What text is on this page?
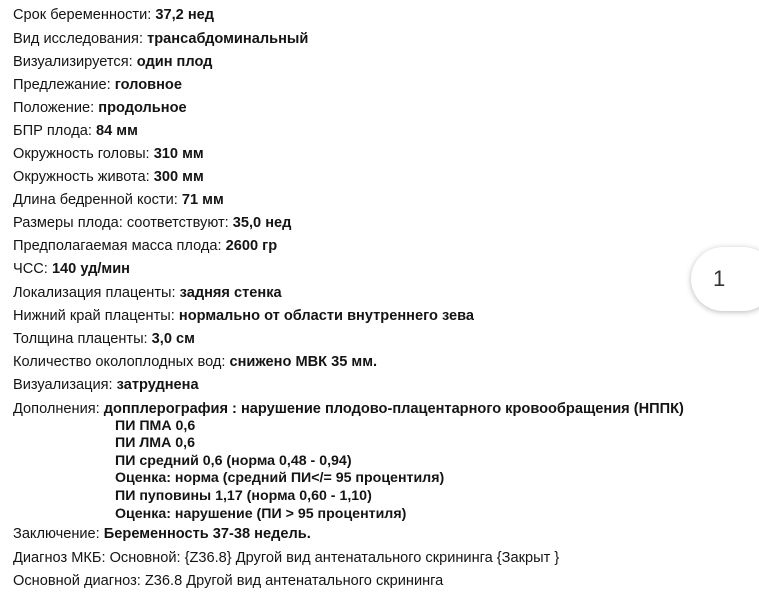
Срок беременности: 37,2 нед
Вид исследования: трансабдоминальный
Визуализируется: один плод
Предлежание: головное
Положение: продольное
БПР плода: 84 мм
Окружность головы: 310 мм
Окружность живота: 300 мм
Длина бедренной кости: 71 мм
Размеры плода: соответствуют: 35,0 нед
Предполагаемая масса плода: 2600 гр
ЧСС: 140 уд/мин
Локализация плаценты: задняя стенка
Нижний край плаценты: нормально от области внутреннего зева
Толщина плаценты: 3,0 см
Количество околоплодных вод: снижено МВК 35 мм.
Визуализация: затруднена
Дополнения: допплерография : нарушение плодово-плацентарного кровообращения (НППК)
ПИ ПМА 0,6
ПИ ЛМА 0,6
ПИ средний 0,6 (норма 0,48 - 0,94)
Оценка: норма (средний ПИ</= 95 процентиля)
ПИ пуповины 1,17 (норма 0,60 - 1,10)
Оценка: нарушение (ПИ > 95 процентиля)
Заключение: Беременность 37-38 недель.
Диагноз МКБ: Основной: {Z36.8} Другой вид антенатального скрининга {Закрыт }
Основной диагноз: Z36.8 Другой вид антенатального скрининга
1
